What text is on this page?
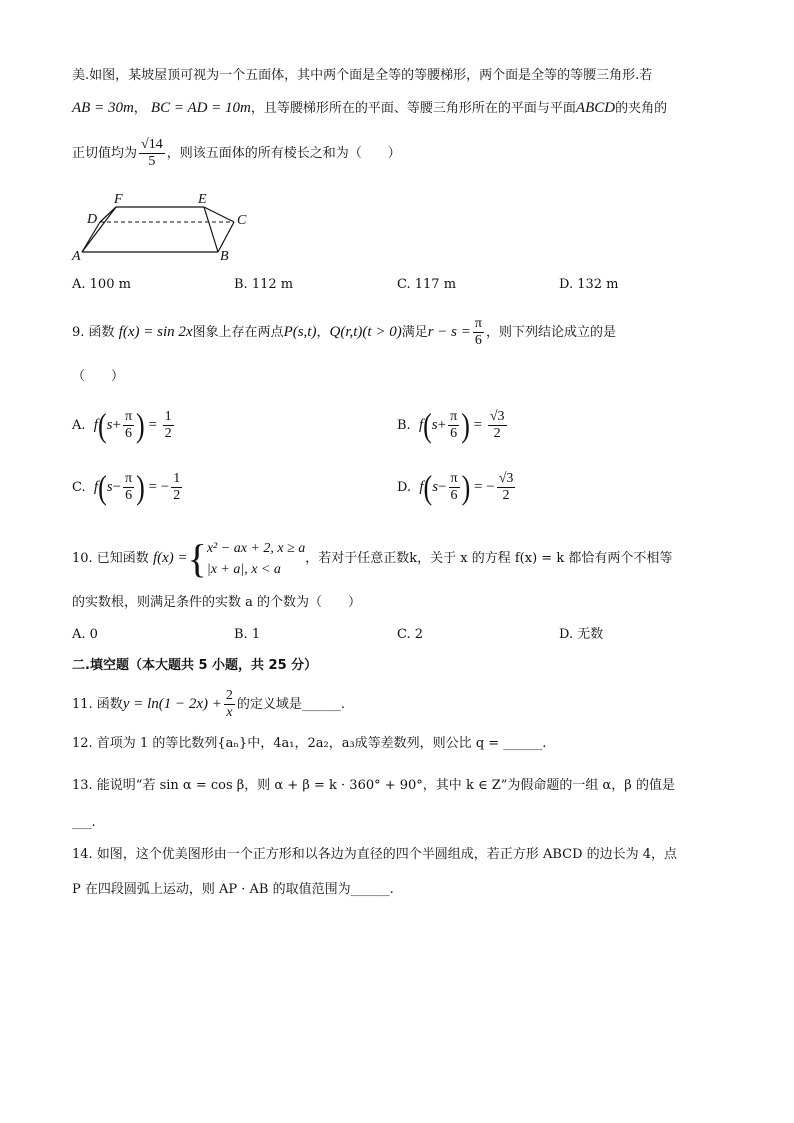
美.如图，某坡屋顶可视为一个五面体，其中两个面是全等的等腰梯形，两个面是全等的等腰三角形.若
AB = 30m， BC = AD = 10m，且等腰梯形所在的平面、等腰三角形所在的平面与平面ABCD的夹角的
正切值均为 $\frac{√14}{5}$ ，则该五面体的所有棱长之和为（　　）
A	B
C
D
E
F
A. 100 m	B. 112 m	C. 117 m	D. 132 m
9. 函数 f(x) = sin 2x图象上存在两点P(s,t)，Q(r,t)(t > 0)满足$r - s = \frac{\pi}{6}$ ，则下列结论成立的是
（　　）
A. $f(s+ \frac{\pi}{6}$ ) = $\frac{1}{2}$	B. $f(s+ \frac{\pi}{6}$ ) = $\frac{√3}{2}$
C. $f(s- \frac{\pi}{6}$ ) = − $\frac{1}{2}$	D. $f(s- \frac{\pi}{6}$ ) = − $\frac{√3}{2}$
10. 已知函数 f(x) ={ x² − ax + 2, x ≥ a
|x + a|, x < a
，若对于任意正数k，关于 x 的方程 f(x) = k 都恰有两个不相等
的实数根，则满足条件的实数 a 的个数为（　　）
A. 0	B. 1	C. 2	D. 无数
二.填空题（本大题共 5 小题，共 25 分）
11. 函数$y = \ln(1 - 2x) + \frac{2}{x}$ 的定义域是______.
12. 首项为 1 的等比数列{aₙ}中，4a₁，2a₂，a₃成等差数列，则公比 q = ______.
13. 能说明“若 sin α = cos β，则 α + β = k · 360° + 90°，其中 k ∈ Z”为假命题的一组 α，β 的值是
___.
14. 如图，这个优美图形由一个正方形和以各边为直径的四个半圆组成，若正方形 ABCD 的边长为 4，点
P 在四段圆弧上运动，则 AP · AB 的取值范围为______.
